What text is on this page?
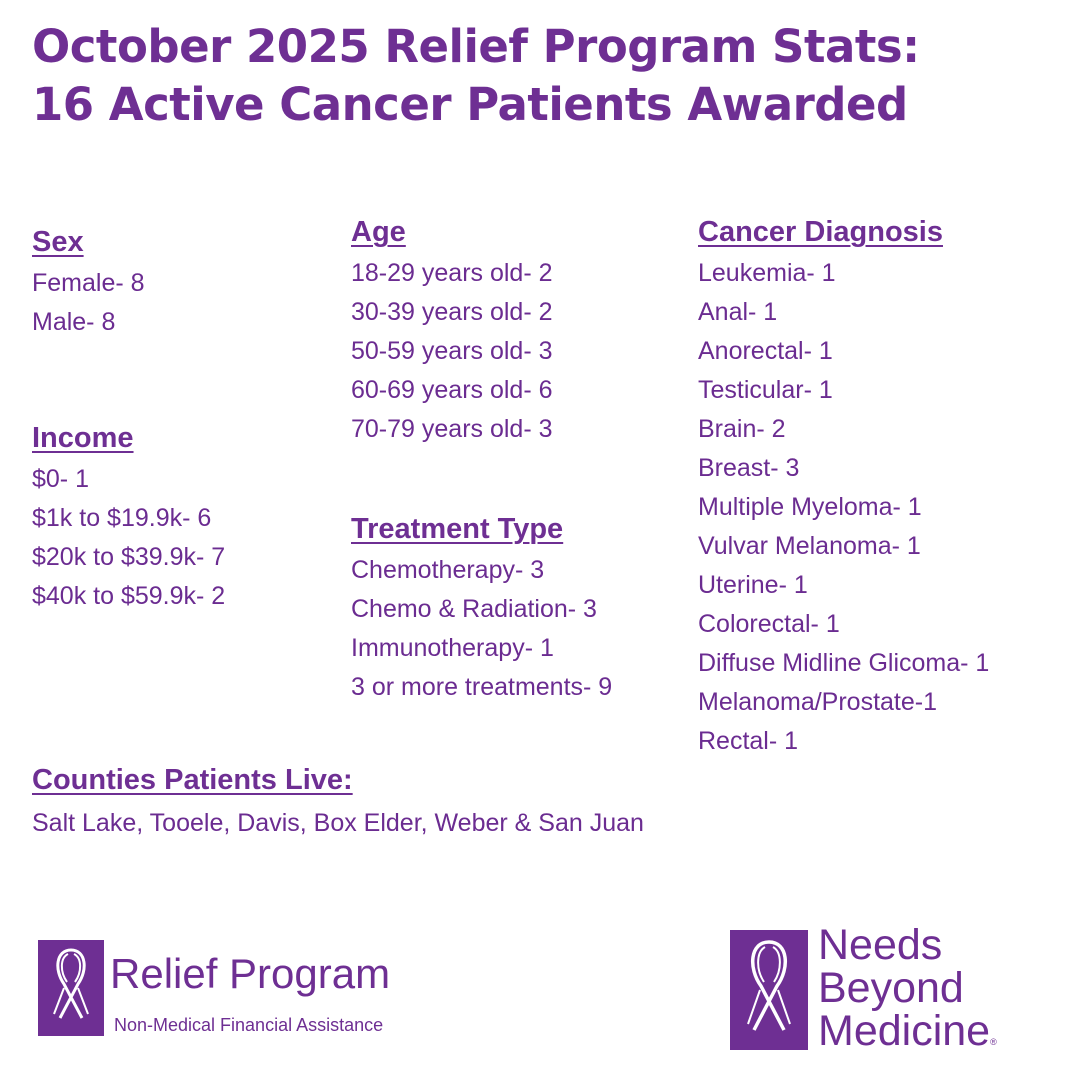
October 2025 Relief Program Stats:
16 Active Cancer Patients Awarded
Sex
Female- 8
Male- 8
Income
$0- 1
$1k to $19.9k- 6
$20k to $39.9k- 7
$40k to $59.9k- 2
Age
18-29 years old- 2
30-39 years old- 2
50-59 years old- 3
60-69 years old- 6
70-79 years old- 3
Treatment Type
Chemotherapy- 3
Chemo & Radiation- 3
Immunotherapy- 1
3 or more treatments- 9
Cancer Diagnosis
Leukemia- 1
Anal- 1
Anorectal- 1
Testicular- 1
Brain- 2
Breast- 3
Multiple Myeloma- 1
Vulvar Melanoma- 1
Uterine- 1
Colorectal- 1
Diffuse Midline Glicoma- 1
Melanoma/Prostate-1
Rectal- 1
Counties Patients Live:
Salt Lake, Tooele, Davis, Box Elder, Weber & San Juan
Relief Program
Non-Medical Financial Assistance
Needs
Beyond
Medicine®
